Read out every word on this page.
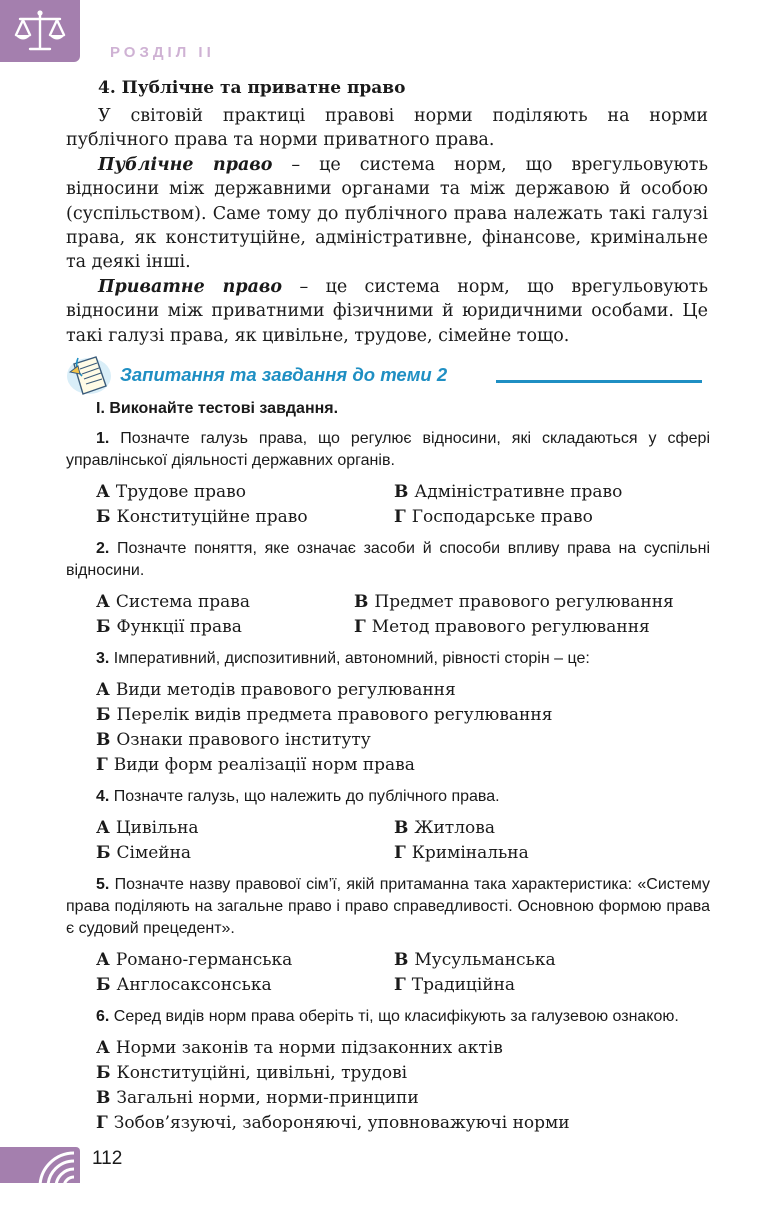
РОЗДІЛ ІІ
4. Публічне та приватне право

У світовій практиці правові норми поділяють на норми публічного права та норми приватного права.

Публічне право – це система норм, що врегульовують відносини між державними органами та між державою й особою (суспільством). Саме тому до публічного права належать такі галузі права, як конституційне, адміністративне, фінансове, кримінальне та деякі інші.

Приватне право – це система норм, що врегульовують відносини між приватними фізичними й юридичними особами. Це такі галузі права, як цивільне, трудове, сімейне тощо.

Запитання та завдання до теми 2
І. Виконайте тестові завдання.

1. Позначте галузь права, що регулює відносини, які складаються у сфері управлінської діяльності державних органів.

А Трудове право	В Адміністративне право
Б Конституційне право	Г Господарське право

2. Позначте поняття, яке означає засоби й способи впливу права на суспільні відносини.

А Система права	В Предмет правового регулювання
Б Функції права	Г Метод правового регулювання

3. Імперативний, диспозитивний, автономний, рівності сторін – це:

А Види методів правового регулювання
Б Перелік видів предмета правового регулювання
В Ознаки правового інституту
Г Види форм реалізації норм права

4. Позначте галузь, що належить до публічного права.

А Цивільна	В Житлова
Б Сімейна	Г Кримінальна

5. Позначте назву правової сім’ї, якій притаманна така характеристика: «Систему права поділяють на загальне право і право справедливості. Основною формою права є судовий прецедент».

А Романо-германська	В Мусульманська
Б Англосаксонська	Г Традиційна

6. Серед видів норм права оберіть ті, що класифікують за галузевою ознакою.

А Норми законів та норми підзаконних актів
Б Конституційні, цивільні, трудові
В Загальні норми, норми-принципи
Г Зобов’язуючі, забороняючі, уповноважуючі норми
112
